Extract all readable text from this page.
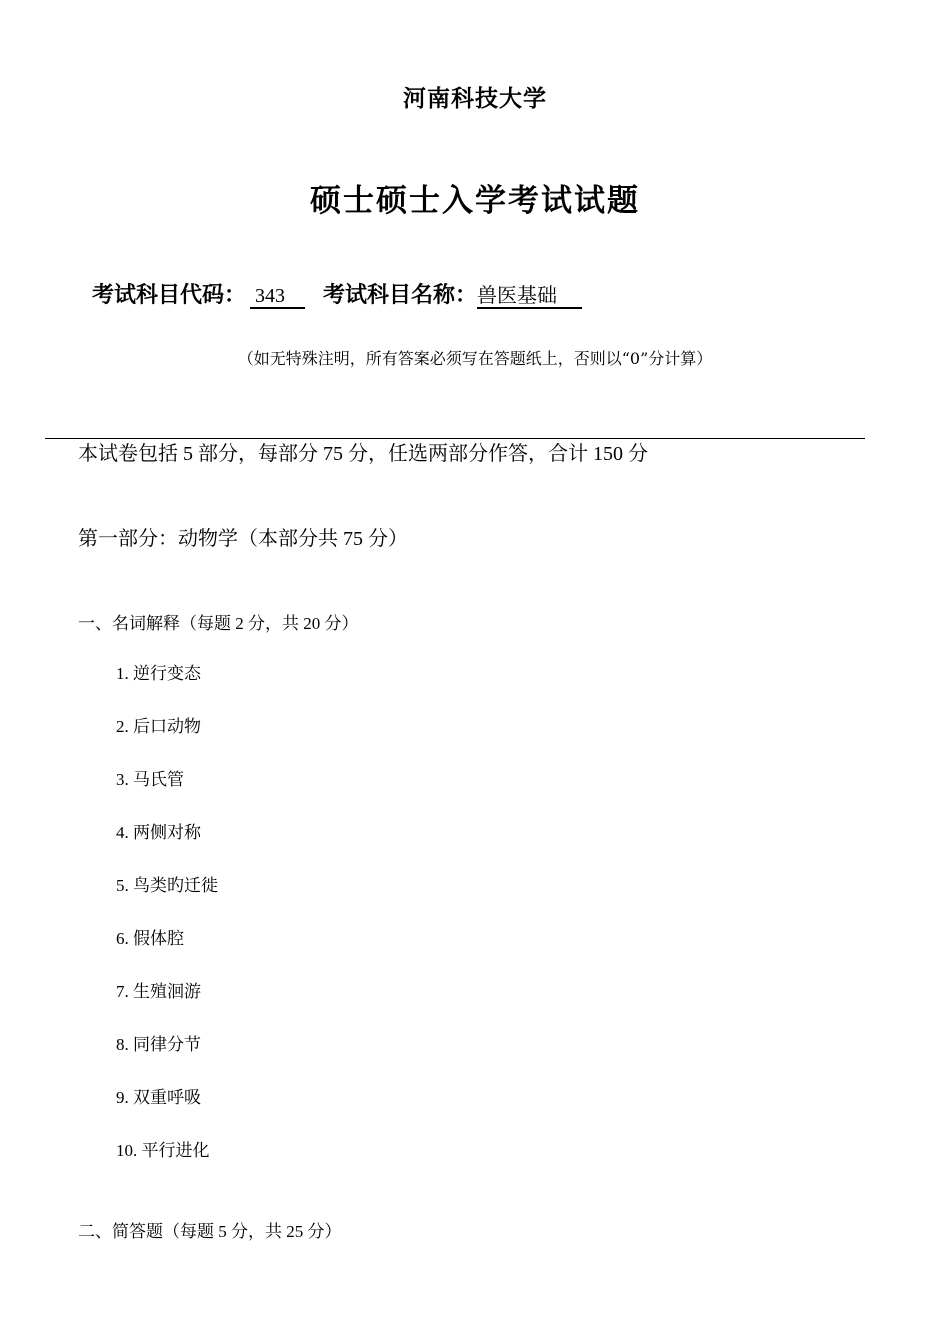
河南科技大学
硕士硕士入学考试试题
考试科目代码： 343 考试科目名称： 兽医基础
（如无特殊注明，所有答案必须写在答题纸上，否则以“0”分计算）
本试卷包括 5 部分，每部分 75 分，任选两部分作答，合计 150 分
第一部分：动物学（本部分共 75 分）
一、名词解释（每题 2 分，共 20 分）
1. 逆行变态
2. 后口动物
3. 马氏管
4. 两侧对称
5. 鸟类旳迁徙
6. 假体腔
7. 生殖洄游
8. 同律分节
9. 双重呼吸
10. 平行进化
二、简答题（每题 5 分，共 25 分）
